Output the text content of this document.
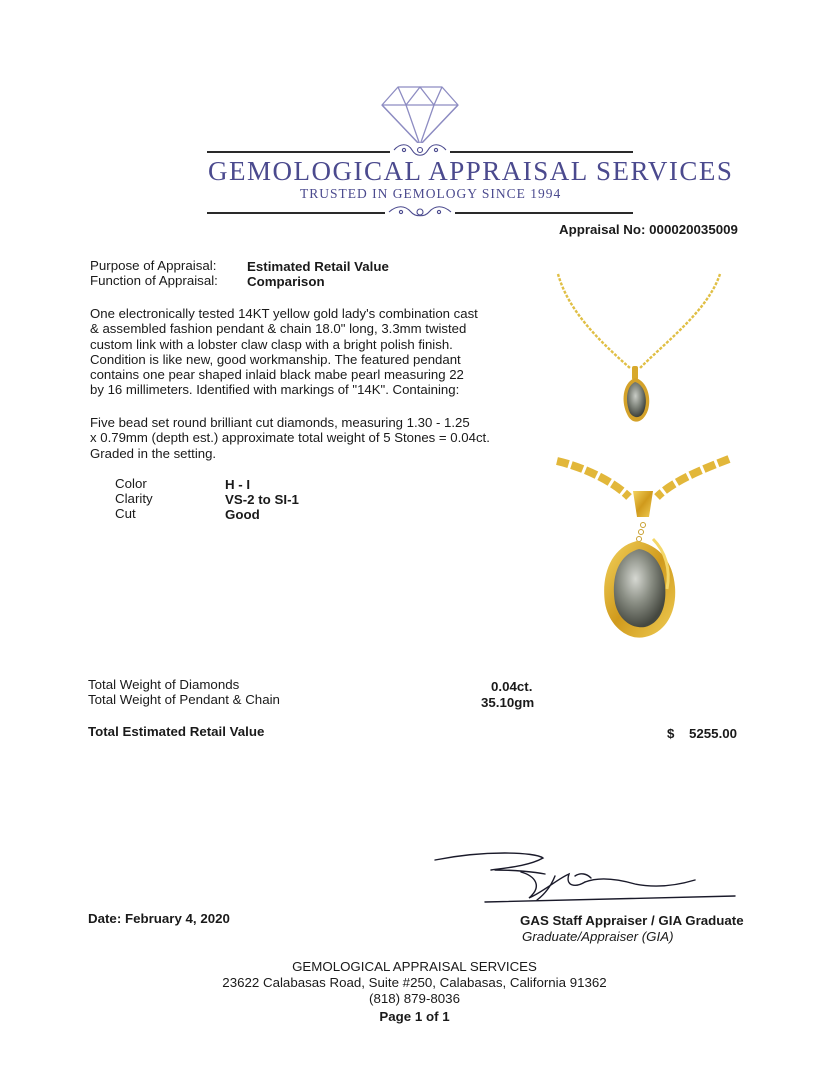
GEMOLOGICAL APPRAISAL SERVICES
TRUSTED IN GEMOLOGY SINCE 1994
Appraisal No: 000020035009
Purpose of Appraisal: Estimated Retail Value
Function of Appraisal: Comparison
One electronically tested 14KT yellow gold lady's combination cast
& assembled fashion pendant & chain 18.0" long, 3.3mm twisted
custom link with a lobster claw clasp with a bright polish finish.
Condition is like new, good workmanship. The featured pendant
contains one pear shaped inlaid black mabe pearl measuring 22
by 16 millimeters. Identified with markings of "14K". Containing:
Five bead set round brilliant cut diamonds, measuring 1.30 - 1.25
x 0.79mm (depth est.) approximate total weight of 5 Stones = 0.04ct.
Graded in the setting.
Color	H - I
Clarity	VS-2 to SI-1
Cut	Good
Total Weight of Diamonds	0.04ct.
Total Weight of Pendant & Chain	35.10gm
Total Estimated Retail Value	$ 5255.00
Date: February 4, 2020	GAS Staff Appraiser / GIA Graduate
Graduate/Appraiser (GIA)
GEMOLOGICAL APPRAISAL SERVICES
23622 Calabasas Road, Suite #250, Calabasas, California 91362
(818) 879-8036
Page 1 of 1
